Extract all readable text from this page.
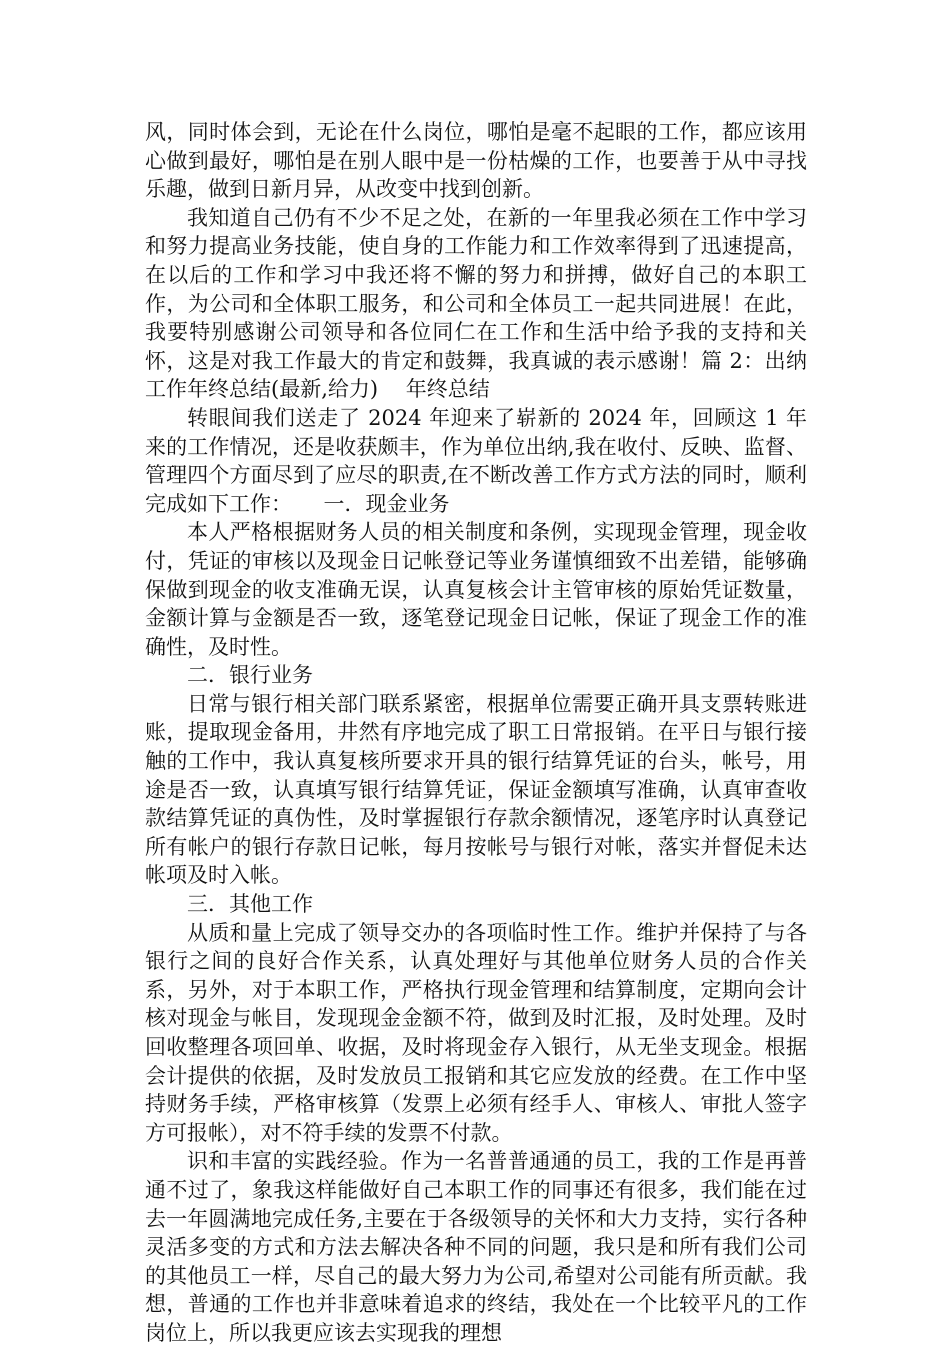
风，同时体会到，无论在什么岗位，哪怕是毫不起眼的工作，都应该用心做到最好，哪怕是在别人眼中是一份枯燥的工作，也要善于从中寻找乐趣，做到日新月异，从改变中找到创新。

我知道自己仍有不少不足之处，在新的一年里我必须在工作中学习和努力提高业务技能，使自身的工作能力和工作效率得到了迅速提高，在以后的工作和学习中我还将不懈的努力和拼搏，做好自己的本职工作，为公司和全体职工服务，和公司和全体员工一起共同进展！在此，我要特别感谢公司领导和各位同仁在工作和生活中给予我的支持和关怀，这是对我工作最大的肯定和鼓舞，我真诚的表示感谢！篇 2：出纳工作年终总结(最新,给力)　 年终总结

转眼间我们送走了 2024 年迎来了崭新的 2024 年，回顾这 1 年来的工作情况，还是收获颇丰，作为单位出纳,我在收付、反映、监督、管理四个方面尽到了应尽的职责,在不断改善工作方式方法的同时，顺利完成如下工作：　　一．现金业务

本人严格根据财务人员的相关制度和条例，实现现金管理，现金收付，凭证的审核以及现金日记帐登记等业务谨慎细致不出差错，能够确保做到现金的收支准确无误，认真复核会计主管审核的原始凭证数量，金额计算与金额是否一致，逐笔登记现金日记帐，保证了现金工作的准确性，及时性。

二．银行业务

日常与银行相关部门联系紧密，根据单位需要正确开具支票转账进账，提取现金备用，井然有序地完成了职工日常报销。在平日与银行接触的工作中，我认真复核所要求开具的银行结算凭证的台头，帐号，用途是否一致，认真填写银行结算凭证，保证金额填写准确，认真审查收款结算凭证的真伪性，及时掌握银行存款余额情况，逐笔序时认真登记所有帐户的银行存款日记帐，每月按帐号与银行对帐，落实并督促未达帐项及时入帐。

三．其他工作

从质和量上完成了领导交办的各项临时性工作。维护并保持了与各银行之间的良好合作关系，认真处理好与其他单位财务人员的合作关系，另外，对于本职工作，严格执行现金管理和结算制度，定期向会计核对现金与帐目，发现现金金额不符，做到及时汇报，及时处理。及时回收整理各项回单、收据，及时将现金存入银行，从无坐支现金。根据会计提供的依据，及时发放员工报销和其它应发放的经费。在工作中坚持财务手续，严格审核算（发票上必须有经手人、审核人、审批人签字方可报帐），对不符手续的发票不付款。

识和丰富的实践经验。作为一名普普通通的员工，我的工作是再普通不过了，象我这样能做好自己本职工作的同事还有很多，我们能在过去一年圆满地完成任务,主要在于各级领导的关怀和大力支持，实行各种灵活多变的方式和方法去解决各种不同的问题，我只是和所有我们公司的其他员工一样，尽自己的最大努力为公司,希望对公司能有所贡献。我想，普通的工作也并非意味着追求的终结，我处在一个比较平凡的工作岗位上，所以我更应该去实现我的理想
